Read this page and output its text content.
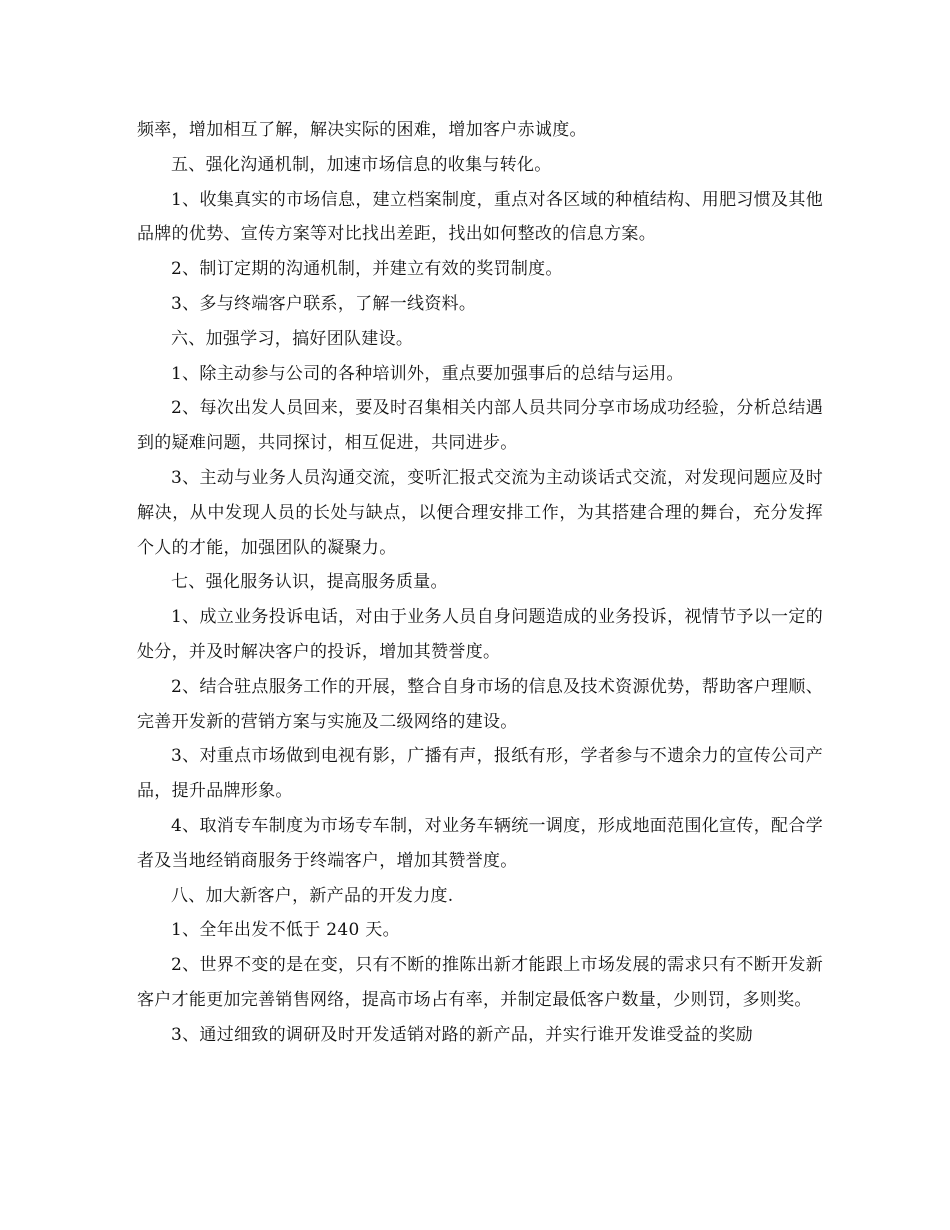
频率，增加相互了解，解决实际的困难，增加客户赤诚度。

五、强化沟通机制，加速市场信息的收集与转化。

1、收集真实的市场信息，建立档案制度，重点对各区域的种植结构、用肥习惯及其他品牌的优势、宣传方案等对比找出差距，找出如何整改的信息方案。

2、制订定期的沟通机制，并建立有效的奖罚制度。

3、多与终端客户联系，了解一线资料。

六、加强学习，搞好团队建设。

1、除主动参与公司的各种培训外，重点要加强事后的总结与运用。

2、每次出发人员回来，要及时召集相关内部人员共同分享市场成功经验，分析总结遇到的疑难问题，共同探讨，相互促进，共同进步。

3、主动与业务人员沟通交流，变听汇报式交流为主动谈话式交流，对发现问题应及时解决，从中发现人员的长处与缺点，以便合理安排工作，为其搭建合理的舞台，充分发挥个人的才能，加强团队的凝聚力。

七、强化服务认识，提高服务质量。

1、成立业务投诉电话，对由于业务人员自身问题造成的业务投诉，视情节予以一定的处分，并及时解决客户的投诉，增加其赞誉度。

2、结合驻点服务工作的开展，整合自身市场的信息及技术资源优势，帮助客户理顺、完善开发新的营销方案与实施及二级网络的建设。

3、对重点市场做到电视有影，广播有声，报纸有形，学者参与不遗余力的宣传公司产品，提升品牌形象。

4、取消专车制度为市场专车制，对业务车辆统一调度，形成地面范围化宣传，配合学者及当地经销商服务于终端客户，增加其赞誉度。

八、加大新客户，新产品的开发力度.

1、全年出发不低于 240 天。

2、世界不变的是在变，只有不断的推陈出新才能跟上市场发展的需求只有不断开发新客户才能更加完善销售网络，提高市场占有率，并制定最低客户数量，少则罚，多则奖。

3、通过细致的调研及时开发适销对路的新产品，并实行谁开发谁受益的奖励
